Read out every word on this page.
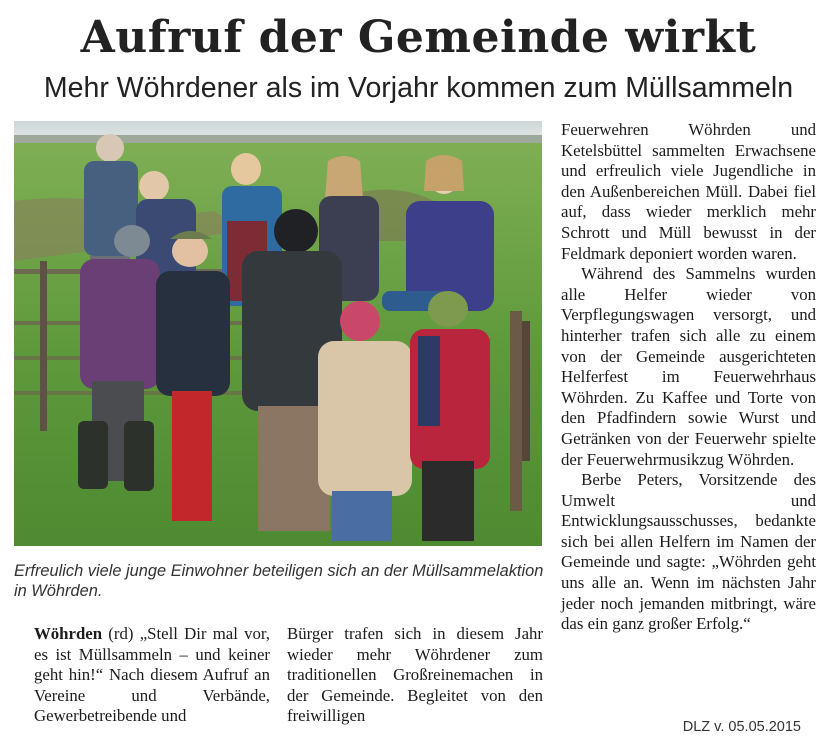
Aufruf der Gemeinde wirkt
Mehr Wöhrdener als im Vorjahr kommen zum Müllsammeln
Erfreulich viele junge Einwohner beteiligen sich an der Müllsammelaktion in Wöhrden.

Wöhrden (rd) „Stell Dir mal vor, es ist Müllsammeln – und keiner geht hin!“ Nach diesem Aufruf an Vereine und Verbände, Gewerbetreibende und

Bürger trafen sich in diesem Jahr wieder mehr Wöhrdener zum traditionellen Großreinemachen in der Gemeinde. Begleitet von den freiwilligen

Feuerwehren Wöhrden und Ketelsbüttel sammelten Erwachsene und erfreulich viele Jugendliche in den Außenbereichen Müll. Dabei fiel auf, dass wieder merklich mehr Schrott und Müll bewusst in der Feldmark deponiert worden waren.

Während des Sammelns wurden alle Helfer wieder von Verpflegungswagen versorgt, und hinterher trafen sich alle zu einem von der Gemeinde ausgerichteten Helferfest im Feuerwehrhaus Wöhrden. Zu Kaffee und Torte von den Pfadfindern sowie Wurst und Getränken von der Feuerwehr spielte der Feuerwehrmusikzug Wöhrden.

Berbe Peters, Vorsitzende des Umwelt und Entwicklungsausschusses, bedankte sich bei allen Helfern im Namen der Gemeinde und sagte: „Wöhrden geht uns alle an. Wenn im nächsten Jahr jeder noch jemanden mitbringt, wäre das ein ganz großer Erfolg.“

DLZ v. 05.05.2015
